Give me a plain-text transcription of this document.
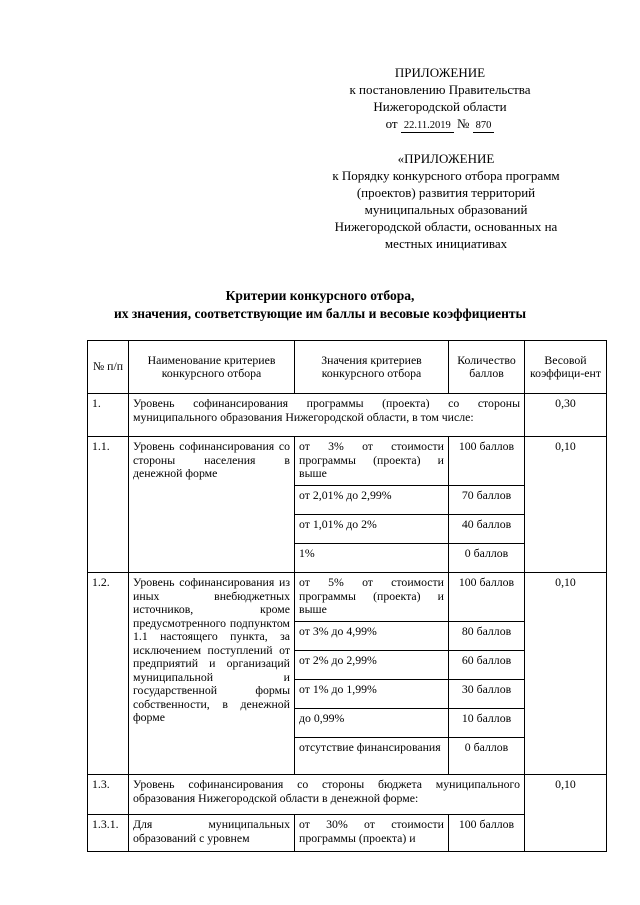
ПРИЛОЖЕНИЕ
к постановлению Правительства
Нижегородской области
от 22.11.2019 № 870
«ПРИЛОЖЕНИЕ
к Порядку конкурсного отбора программ
(проектов) развития территорий
муниципальных образований
Нижегородской области, основанных на
местных инициативах
Критерии конкурсного отбора,
их значения, соответствующие им баллы и весовые коэффициенты
№ п/п	Наименование критериев конкурсного отбора	Значения критериев конкурсного отбора	Количество баллов	Весовой коэффици-ент
1.	Уровень софинансирования программы (проекта) со стороны муниципального образования Нижегородской области, в том числе:			0,30
1.1.	Уровень софинансирования со стороны населения в денежной форме	от 3% от стоимости программы (проекта) и выше	100 баллов	0,10
		от 2,01% до 2,99%	70 баллов	
		от 1,01% до 2%	40 баллов	
		1%	0 баллов	
1.2.	Уровень софинансирования из иных внебюджетных источников, кроме предусмотренного подпунктом 1.1 настоящего пункта, за исключением поступлений от предприятий и организаций муниципальной и государственной формы собственности, в денежной форме	от 5% от стоимости программы (проекта) и выше	100 баллов	0,10
		от 3% до 4,99%	80 баллов	
		от 2% до 2,99%	60 баллов	
		от 1% до 1,99%	30 баллов	
		до 0,99%	10 баллов	
		отсутствие финансирования	0 баллов	
1.3.	Уровень софинансирования со стороны бюджета муниципального образования Нижегородской области в денежной форме:			0,10
1.3.1.	Для муниципальных образований с уровнем	от 30% от стоимости программы (проекта) и	100 баллов	
